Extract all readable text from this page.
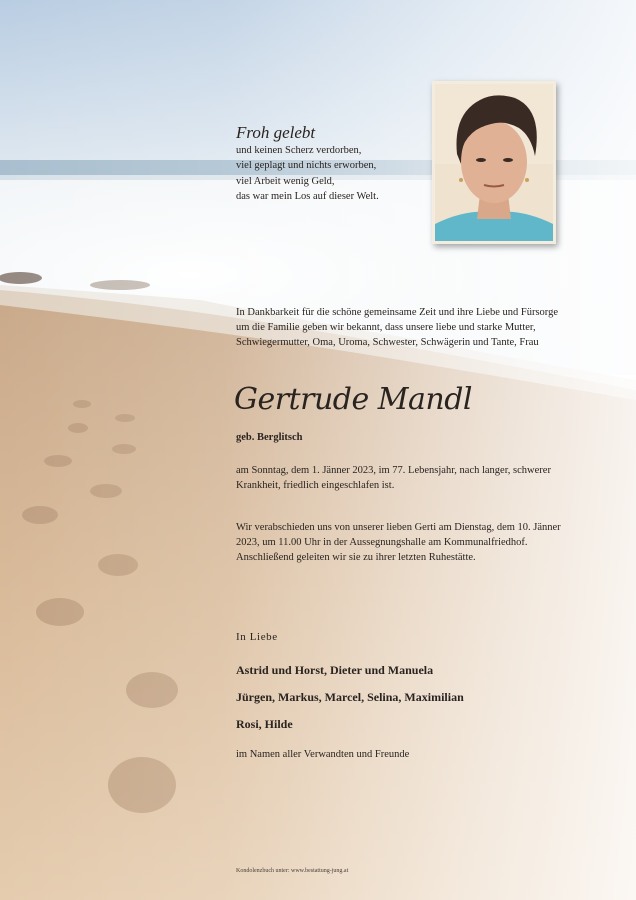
Froh gelebt
und keinen Scherz verdorben,
viel geplagt und nichts erworben,
viel Arbeit wenig Geld,
das war mein Los auf dieser Welt.
In Dankbarkeit für die schöne gemeinsame Zeit und ihre Liebe und Fürsorge um die Familie geben wir bekannt, dass unsere liebe und starke Mutter, Schwiegermutter, Oma, Uroma, Schwester, Schwägerin und Tante, Frau
Gertrude Mandl
geb. Berglitsch
am Sonntag, dem 1. Jänner 2023, im 77. Lebensjahr, nach langer, schwerer Krankheit, friedlich eingeschlafen ist.
Wir verabschieden uns von unserer lieben Gerti am Dienstag, dem 10. Jänner 2023, um 11.00 Uhr in der Aussegnungshalle am Kommunalfriedhof. Anschließend geleiten wir sie zu ihrer letzten Ruhestätte.
In Liebe
Astrid und Horst, Dieter und Manuela
Jürgen, Markus, Marcel, Selina, Maximilian
Rosi, Hilde
im Namen aller Verwandten und Freunde
Kondolenzbuch unter: www.bestattung-jung.at
